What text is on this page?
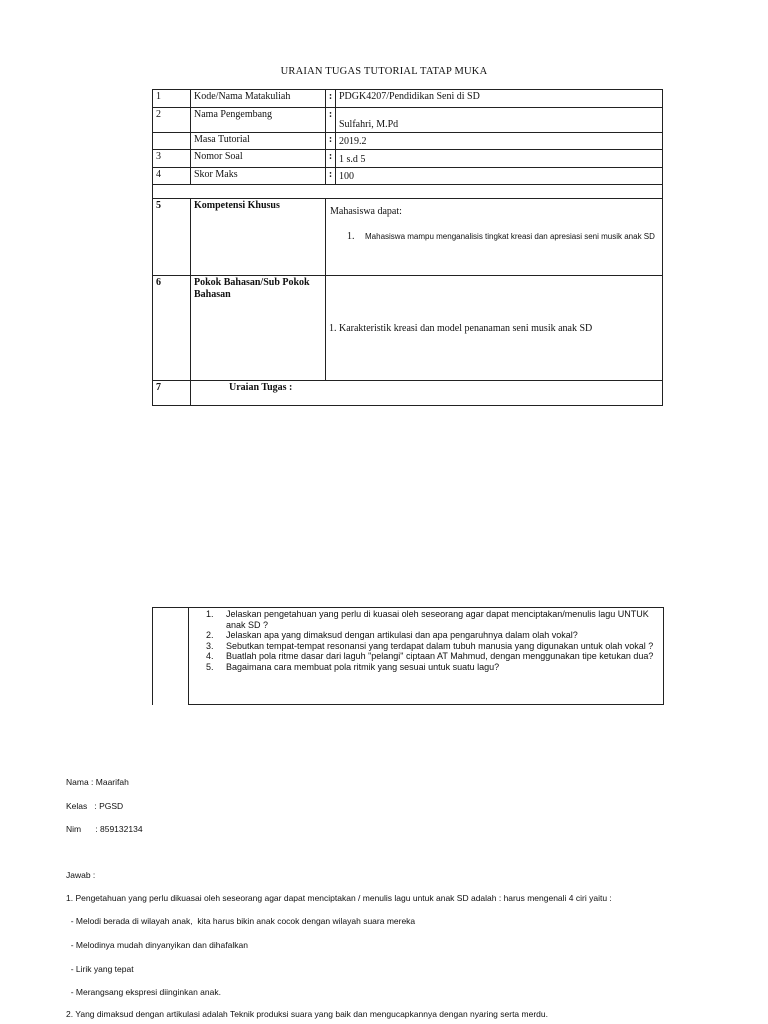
URAIAN TUGAS TUTORIAL TATAP MUKA
1	Kode/Nama Matakuliah	:	PDGK4207/Pendidikan Seni di SD
2	Nama Pengembang	:	Sulfahri, M.Pd
	Masa Tutorial	:	2019.2
3	Nomor Soal	:	1 s.d 5
4	Skor Maks	:	100

5	Kompetensi Khusus	Mahasiswa dapat:
1. Mahasiswa mampu menganalisis tingkat kreasi dan apresiasi seni musik anak SD	

6	Pokok Bahasan/Sub Pokok Bahasan	1. Karakteristik kreasi dan model penanaman seni musik anak SD	

7	Uraian Tugas :		
1.	Jelaskan pengetahuan yang perlu di kuasai oleh seseorang agar dapat menciptakan/menulis lagu UNTUK anak SD ?
2.	Jelaskan apa yang dimaksud dengan artikulasi dan apa pengaruhnya dalam olah vokal?
3.	Sebutkan tempat-tempat resonansi yang terdapat dalam tubuh manusia yang digunakan untuk olah vokal ?
4.	Buatlah pola ritme dasar dari laguh "pelangi" ciptaan AT Mahmud, dengan menggunakan tipe ketukan dua?
5.	Bagaimana cara membuat pola ritmik yang sesuai untuk suatu lagu?
Nama : Maarifah
Kelas   : PGSD
Nim      : 859132134
Jawab :
1. Pengetahuan yang perlu dikuasai oleh seseorang agar dapat menciptakan / menulis lagu untuk anak SD adalah : harus mengenali 4 ciri yaitu :
- Melodi berada di wilayah anak,  kita harus bikin anak cocok dengan wilayah suara mereka
- Melodinya mudah dinyanyikan dan dihafalkan
- Lirik yang tepat
- Merangsang ekspresi diinginkan anak.
2. Yang dimaksud dengan artikulasi adalah Teknik produksi suara yang baik dan mengucapkannya dengan nyaring serta merdu.
